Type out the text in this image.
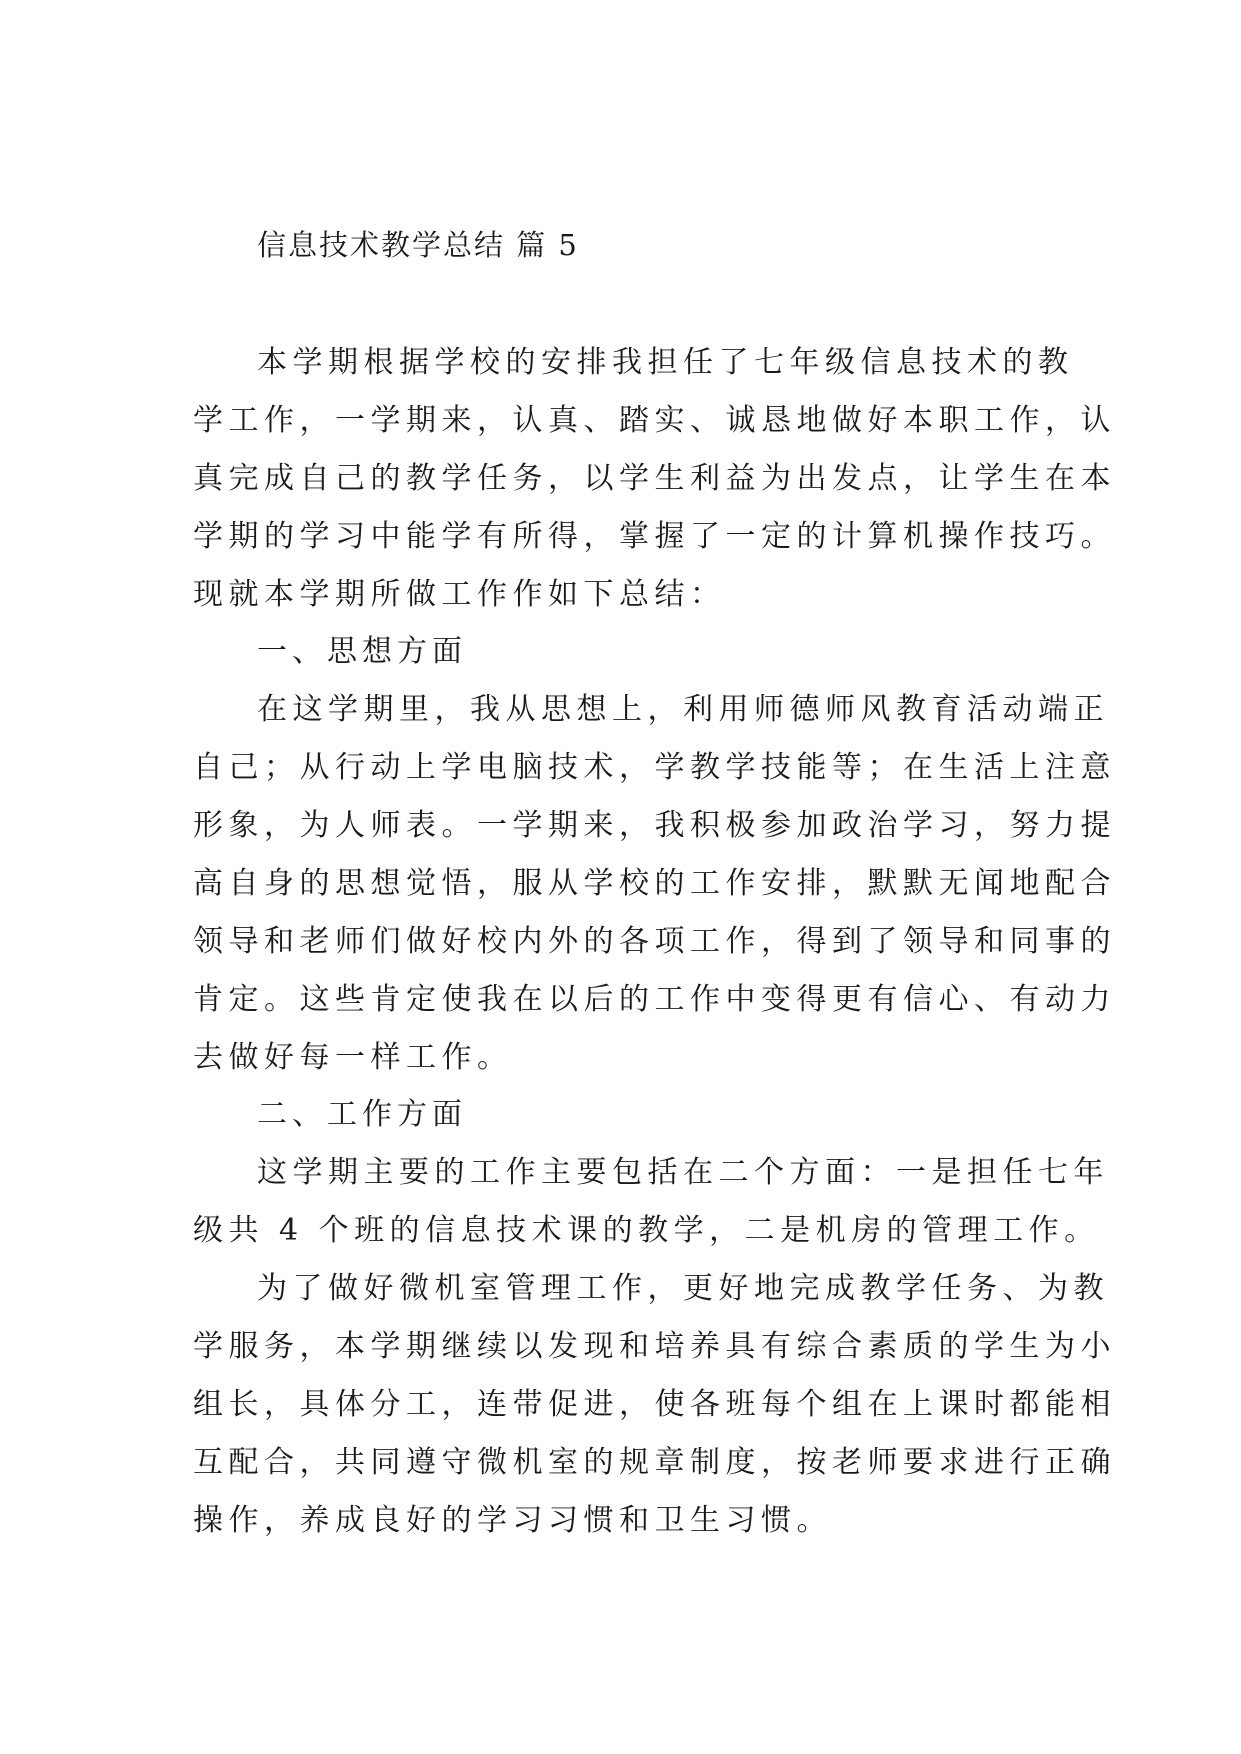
信息技术教学总结 篇 5
本学期根据学校的安排我担任了七年级信息技术的教
学工作，一学期来，认真、踏实、诚恳地做好本职工作，认
真完成自己的教学任务，以学生利益为出发点，让学生在本
学期的学习中能学有所得，掌握了一定的计算机操作技巧。
现就本学期所做工作作如下总结：
一、思想方面
在这学期里，我从思想上，利用师德师风教育活动端正
自己；从行动上学电脑技术，学教学技能等；在生活上注意
形象，为人师表。一学期来，我积极参加政治学习，努力提
高自身的思想觉悟，服从学校的工作安排，默默无闻地配合
领导和老师们做好校内外的各项工作，得到了领导和同事的
肯定。这些肯定使我在以后的工作中变得更有信心、有动力
去做好每一样工作。
二、工作方面
这学期主要的工作主要包括在二个方面：一是担任七年
级共 4 个班的信息技术课的教学，二是机房的管理工作。
为了做好微机室管理工作，更好地完成教学任务、为教
学服务，本学期继续以发现和培养具有综合素质的学生为小
组长，具体分工，连带促进，使各班每个组在上课时都能相
互配合，共同遵守微机室的规章制度，按老师要求进行正确
操作，养成良好的学习习惯和卫生习惯。
